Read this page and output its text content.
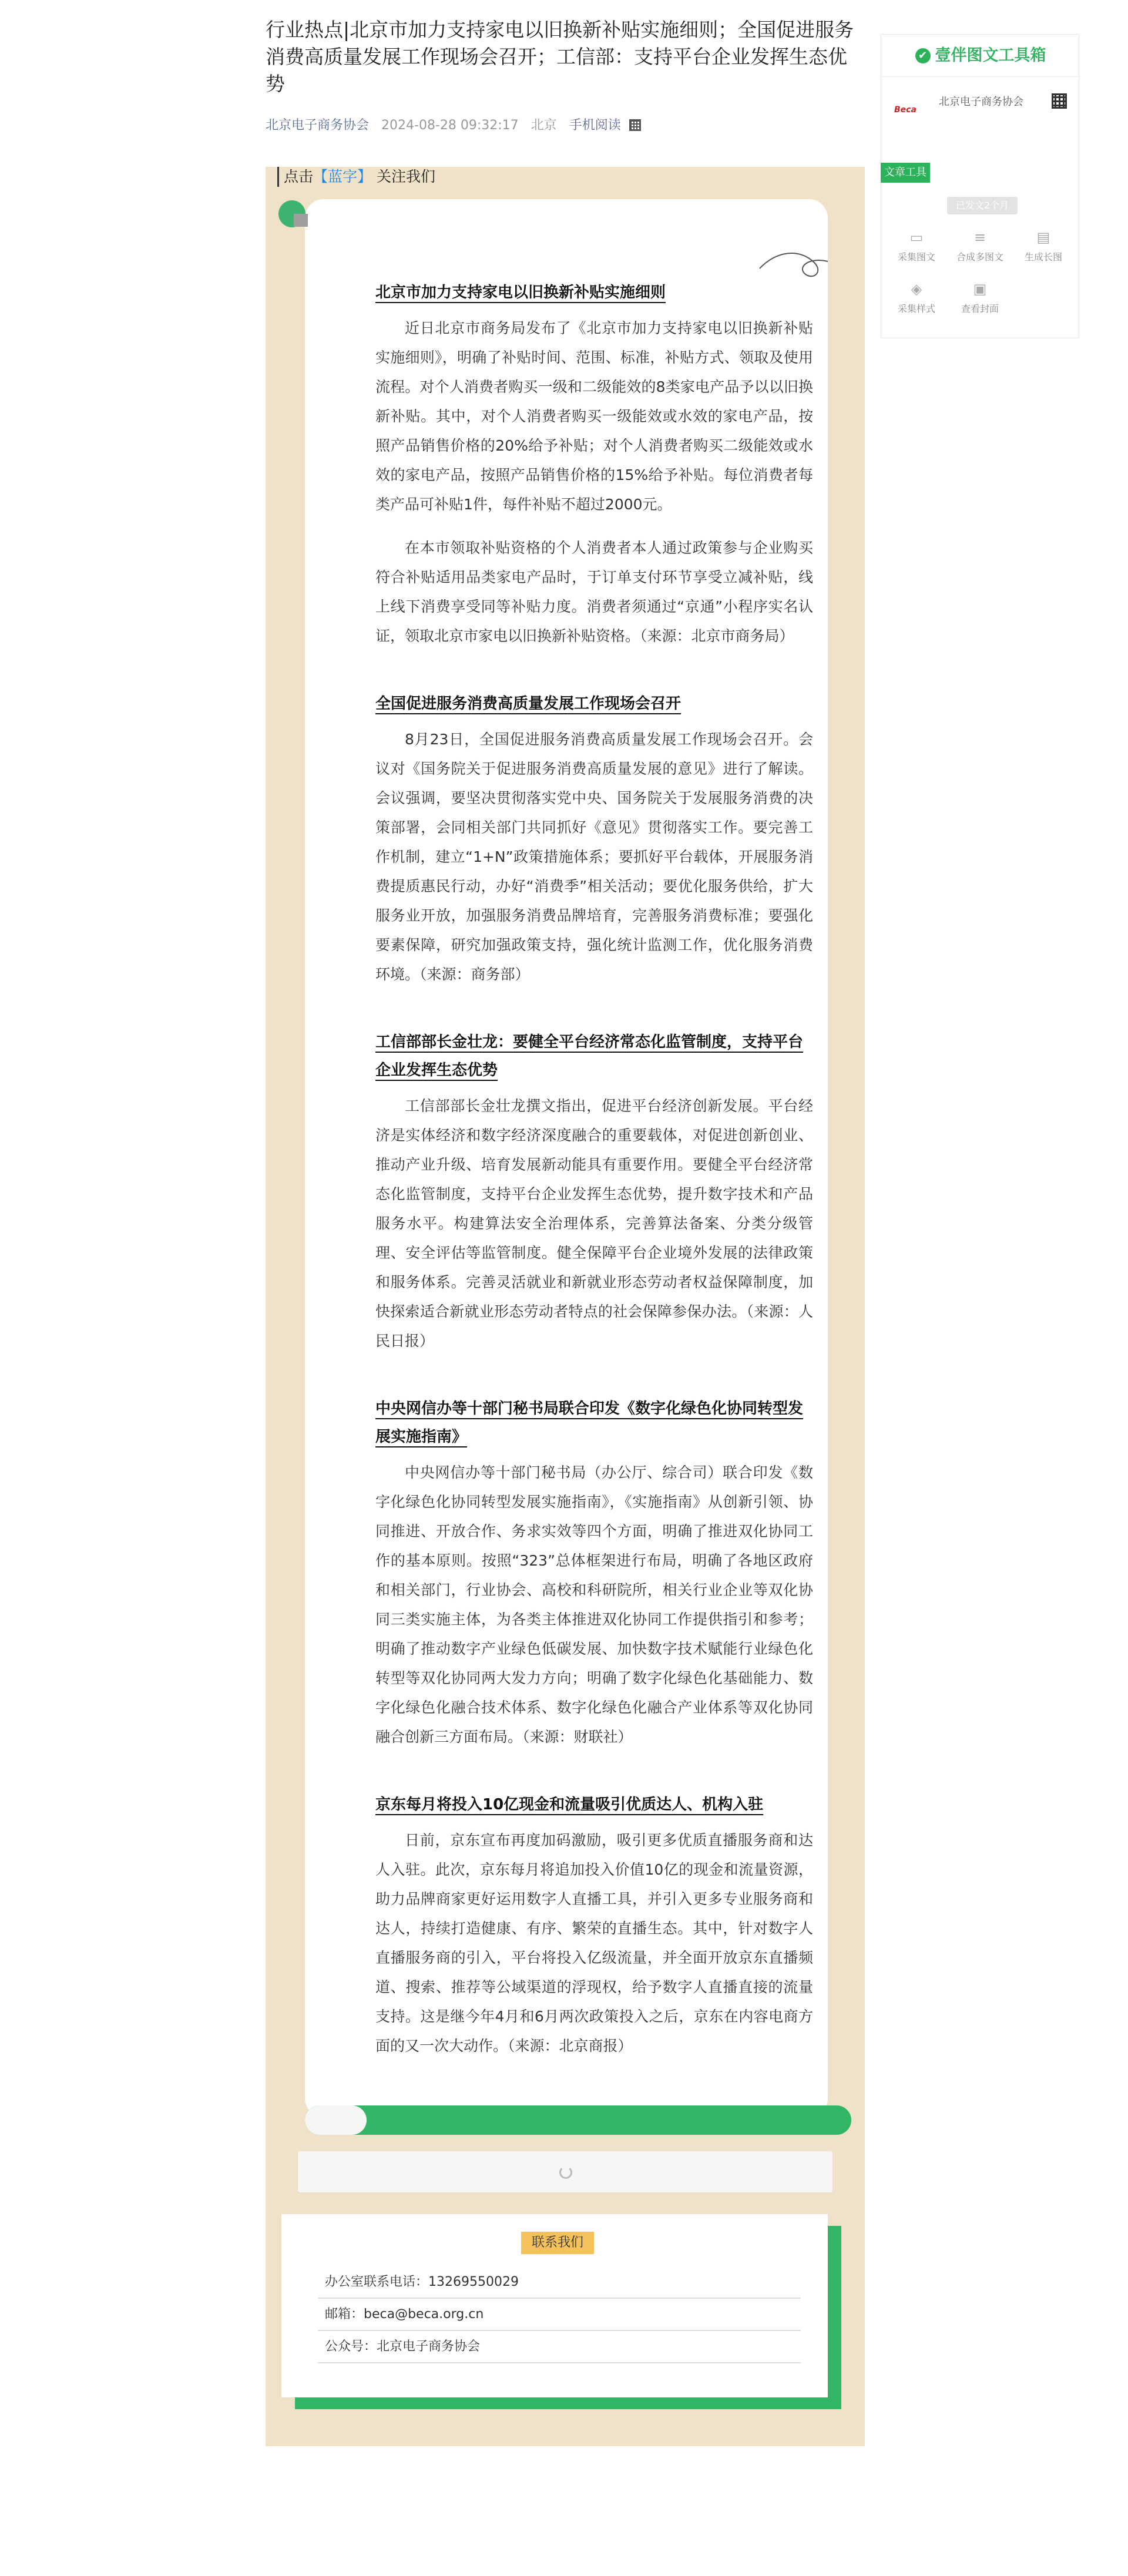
行业热点|北京市加力支持家电以旧换新补贴实施细则；全国促进服务消费高质量发展工作现场会召开；工信部：支持平台企业发挥生态优势
北京电子商务协会 2024-08-28 09:32:17 北京 手机阅读
点击【蓝字】 关注我们
北京市加力支持家电以旧换新补贴实施细则

近日北京市商务局发布了《北京市加力支持家电以旧换新补贴实施细则》，明确了补贴时间、范围、标准，补贴方式、领取及使用流程。对个人消费者购买一级和二级能效的8类家电产品予以以旧换新补贴。其中，对个人消费者购买一级能效或水效的家电产品，按照产品销售价格的20%给予补贴；对个人消费者购买二级能效或水效的家电产品，按照产品销售价格的15%给予补贴。每位消费者每类产品可补贴1件，每件补贴不超过2000元。

在本市领取补贴资格的个人消费者本人通过政策参与企业购买符合补贴适用品类家电产品时，于订单支付环节享受立减补贴，线上线下消费享受同等补贴力度。消费者须通过“京通”小程序实名认证，领取北京市家电以旧换新补贴资格。（来源：北京市商务局）

全国促进服务消费高质量发展工作现场会召开

8月23日，全国促进服务消费高质量发展工作现场会召开。会议对《国务院关于促进服务消费高质量发展的意见》进行了解读。会议强调，要坚决贯彻落实党中央、国务院关于发展服务消费的决策部署，会同相关部门共同抓好《意见》贯彻落实工作。要完善工作机制，建立“1+N”政策措施体系；要抓好平台载体，开展服务消费提质惠民行动，办好“消费季”相关活动；要优化服务供给，扩大服务业开放，加强服务消费品牌培育，完善服务消费标准；要强化要素保障，研究加强政策支持，强化统计监测工作，优化服务消费环境。（来源：商务部）

工信部部长金壮龙：要健全平台经济常态化监管制度，支持平台企业发挥生态优势

工信部部长金壮龙撰文指出，促进平台经济创新发展。平台经济是实体经济和数字经济深度融合的重要载体，对促进创新创业、推动产业升级、培育发展新动能具有重要作用。要健全平台经济常态化监管制度，支持平台企业发挥生态优势，提升数字技术和产品服务水平。构建算法安全治理体系，完善算法备案、分类分级管理、安全评估等监管制度。健全保障平台企业境外发展的法律政策和服务体系。完善灵活就业和新就业形态劳动者权益保障制度，加快探索适合新就业形态劳动者特点的社会保障参保办法。（来源：人民日报）

中央网信办等十部门秘书局联合印发《数字化绿色化协同转型发展实施指南》

中央网信办等十部门秘书局（办公厅、综合司）联合印发《数字化绿色化协同转型发展实施指南》，《实施指南》从创新引领、协同推进、开放合作、务求实效等四个方面，明确了推进双化协同工作的基本原则。按照“323”总体框架进行布局，明确了各地区政府和相关部门，行业协会、高校和科研院所，相关行业企业等双化协同三类实施主体，为各类主体推进双化协同工作提供指引和参考；明确了推动数字产业绿色低碳发展、加快数字技术赋能行业绿色化转型等双化协同两大发力方向；明确了数字化绿色化基础能力、数字化绿色化融合技术体系、数字化绿色化融合产业体系等双化协同融合创新三方面布局。（来源：财联社）

京东每月将投入10亿现金和流量吸引优质达人、机构入驻

日前，京东宣布再度加码激励，吸引更多优质直播服务商和达人入驻。此次，京东每月将追加投入价值10亿的现金和流量资源，助力品牌商家更好运用数字人直播工具，并引入更多专业服务商和达人，持续打造健康、有序、繁荣的直播生态。其中，针对数字人直播服务商的引入，平台将投入亿级流量，并全面开放京东直播频道、搜索、推荐等公域渠道的浮现权，给予数字人直播直接的流量支持。这是继今年4月和6月两次政策投入之后，京东在内容电商方面的又一次大动作。（来源：北京商报）

联系我们
办公室联系电话：13269550029
邮箱：beca@beca.org.cn
公众号：北京电子商务协会
✔ 壹伴图文工具箱
Beca
北京电子商务协会
文章工具
已发文2个月
▭
采集图文
≡
合成多图文
▤
生成长图
◈
采集样式
▣
查看封面
